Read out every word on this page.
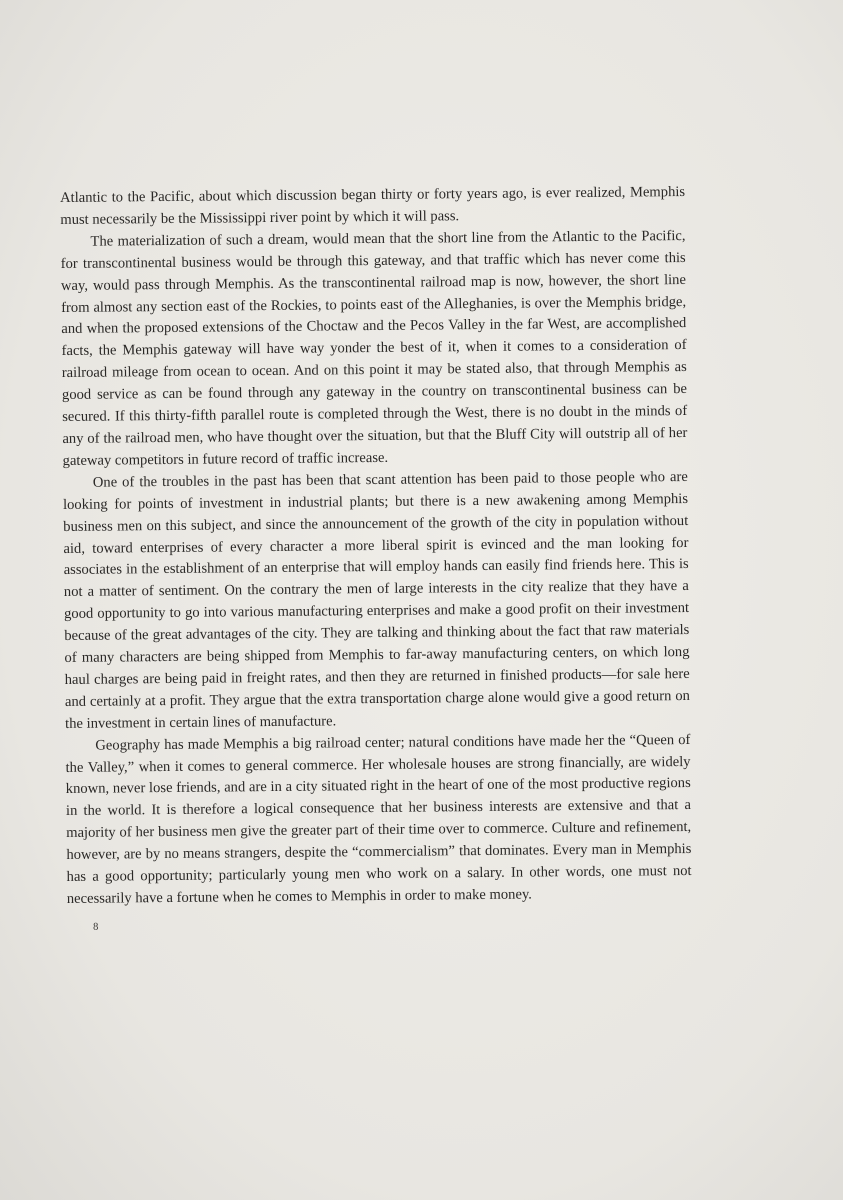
Atlantic to the Pacific, about which discussion began thirty or forty years ago, is ever realized, Memphis must necessarily be the Mississippi river point by which it will pass.

The materialization of such a dream, would mean that the short line from the Atlantic to the Pacific, for transcontinental business would be through this gateway, and that traffic which has never come this way, would pass through Memphis. As the transcontinental railroad map is now, however, the short line from almost any section east of the Rockies, to points east of the Alleghanies, is over the Memphis bridge, and when the proposed extensions of the Choctaw and the Pecos Valley in the far West, are accomplished facts, the Memphis gateway will have way yonder the best of it, when it comes to a consideration of railroad mileage from ocean to ocean. And on this point it may be stated also, that through Memphis as good service as can be found through any gateway in the country on transcontinental business can be secured. If this thirty-fifth parallel route is completed through the West, there is no doubt in the minds of any of the railroad men, who have thought over the situation, but that the Bluff City will outstrip all of her gateway competitors in future record of traffic increase.

One of the troubles in the past has been that scant attention has been paid to those people who are looking for points of investment in industrial plants; but there is a new awakening among Memphis business men on this subject, and since the announcement of the growth of the city in population without aid, toward enterprises of every character a more liberal spirit is evinced and the man looking for associates in the establishment of an enterprise that will employ hands can easily find friends here. This is not a matter of sentiment. On the contrary the men of large interests in the city realize that they have a good opportunity to go into various manufacturing enterprises and make a good profit on their investment because of the great advantages of the city. They are talking and thinking about the fact that raw materials of many characters are being shipped from Memphis to far-away manufacturing centers, on which long haul charges are being paid in freight rates, and then they are returned in finished products—for sale here and certainly at a profit. They argue that the extra transportation charge alone would give a good return on the investment in certain lines of manufacture.

Geography has made Memphis a big railroad center; natural conditions have made her the “Queen of the Valley,” when it comes to general commerce. Her wholesale houses are strong financially, are widely known, never lose friends, and are in a city situated right in the heart of one of the most productive regions in the world. It is therefore a logical consequence that her business interests are extensive and that a majority of her business men give the greater part of their time over to commerce. Culture and refinement, however, are by no means strangers, despite the “commercialism” that dominates. Every man in Memphis has a good opportunity; particularly young men who work on a salary. In other words, one must not necessarily have a fortune when he comes to Memphis in order to make money.

8
